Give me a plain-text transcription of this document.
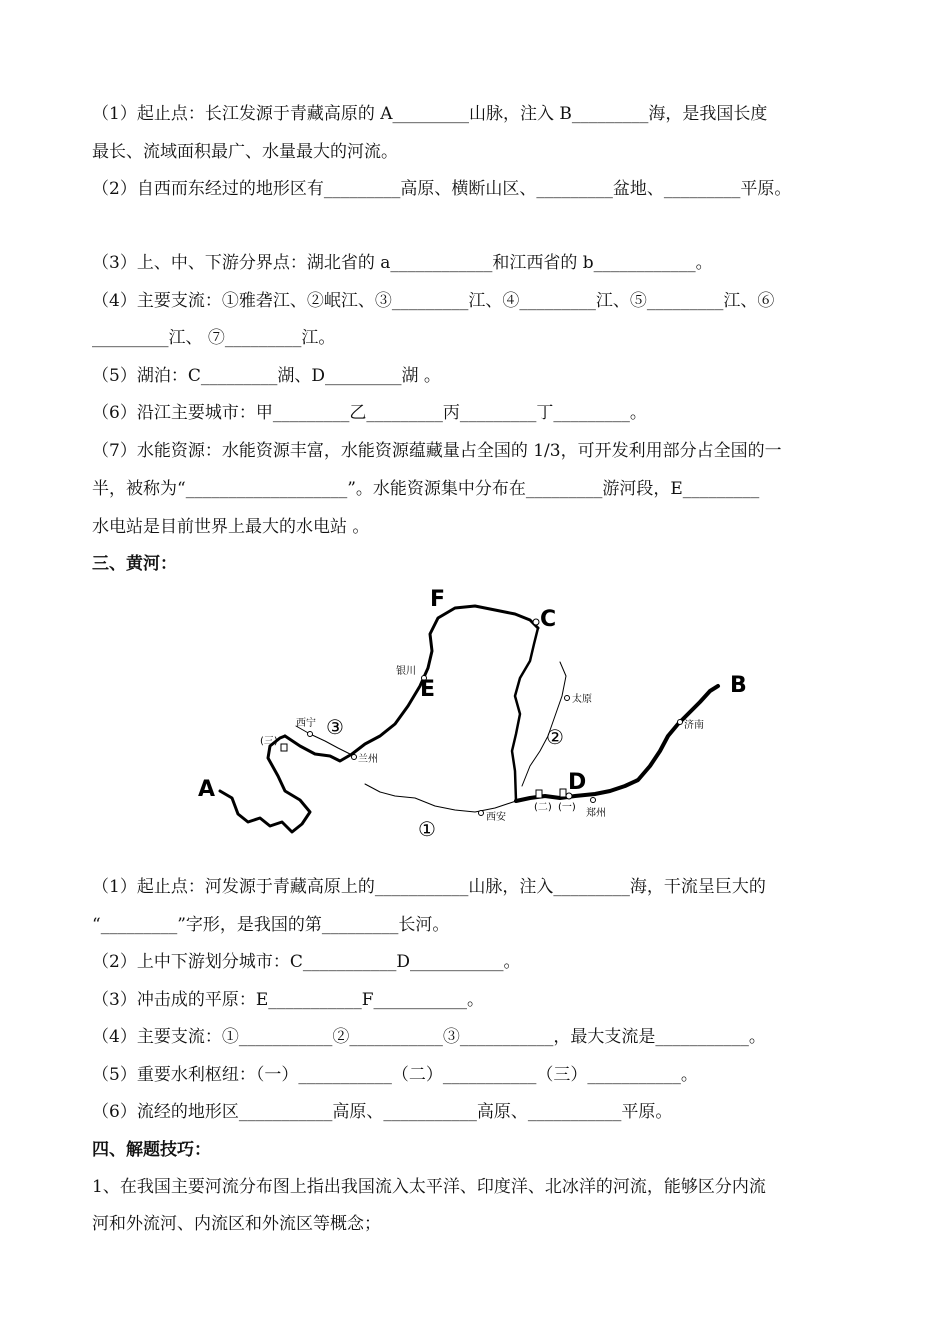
（1）起止点：长江发源于青藏高原的 A_________山脉，注入 B_________海，是我国长度
最长、流域面积最广、水量最大的河流。
（2）自西而东经过的地形区有_________高原、横断山区、_________盆地、_________平原。
（3）上、中、下游分界点：湖北省的 a____________和江西省的 b____________。
（4）主要支流：①雅砻江、②岷江、③_________江、④_________江、⑤_________江、⑥
_________江、 ⑦_________江。
（5）湖泊：C_________湖、D_________湖 。
（6）沿江主要城市：甲_________乙_________丙_________丁_________。
（7）水能资源：水能资源丰富，水能资源蕴藏量占全国的 1/3，可开发利用部分占全国的一
半，被称为“___________________”。水能资源集中分布在_________游河段，E_________
水电站是目前世界上最大的水电站 。
三、黄河：
A
B
C
D
E
F
银川
太原
西宁
兰州
西安
济南
郑州
(三)
(二) (一)
①
②
③
（1）起止点：河发源于青藏高原上的___________山脉，注入_________海，干流呈巨大的
“_________”字形，是我国的第_________长河。
（2）上中下游划分城市：C___________D___________。
（3）冲击成的平原：E___________F___________。
（4）主要支流：①___________②___________③___________，最大支流是___________。
（5）重要水利枢纽：（一）___________（二）___________（三）___________。
（6）流经的地形区___________高原、___________高原、___________平原。
四、解题技巧：
1、在我国主要河流分布图上指出我国流入太平洋、印度洋、北冰洋的河流，能够区分内流
河和外流河、内流区和外流区等概念；
